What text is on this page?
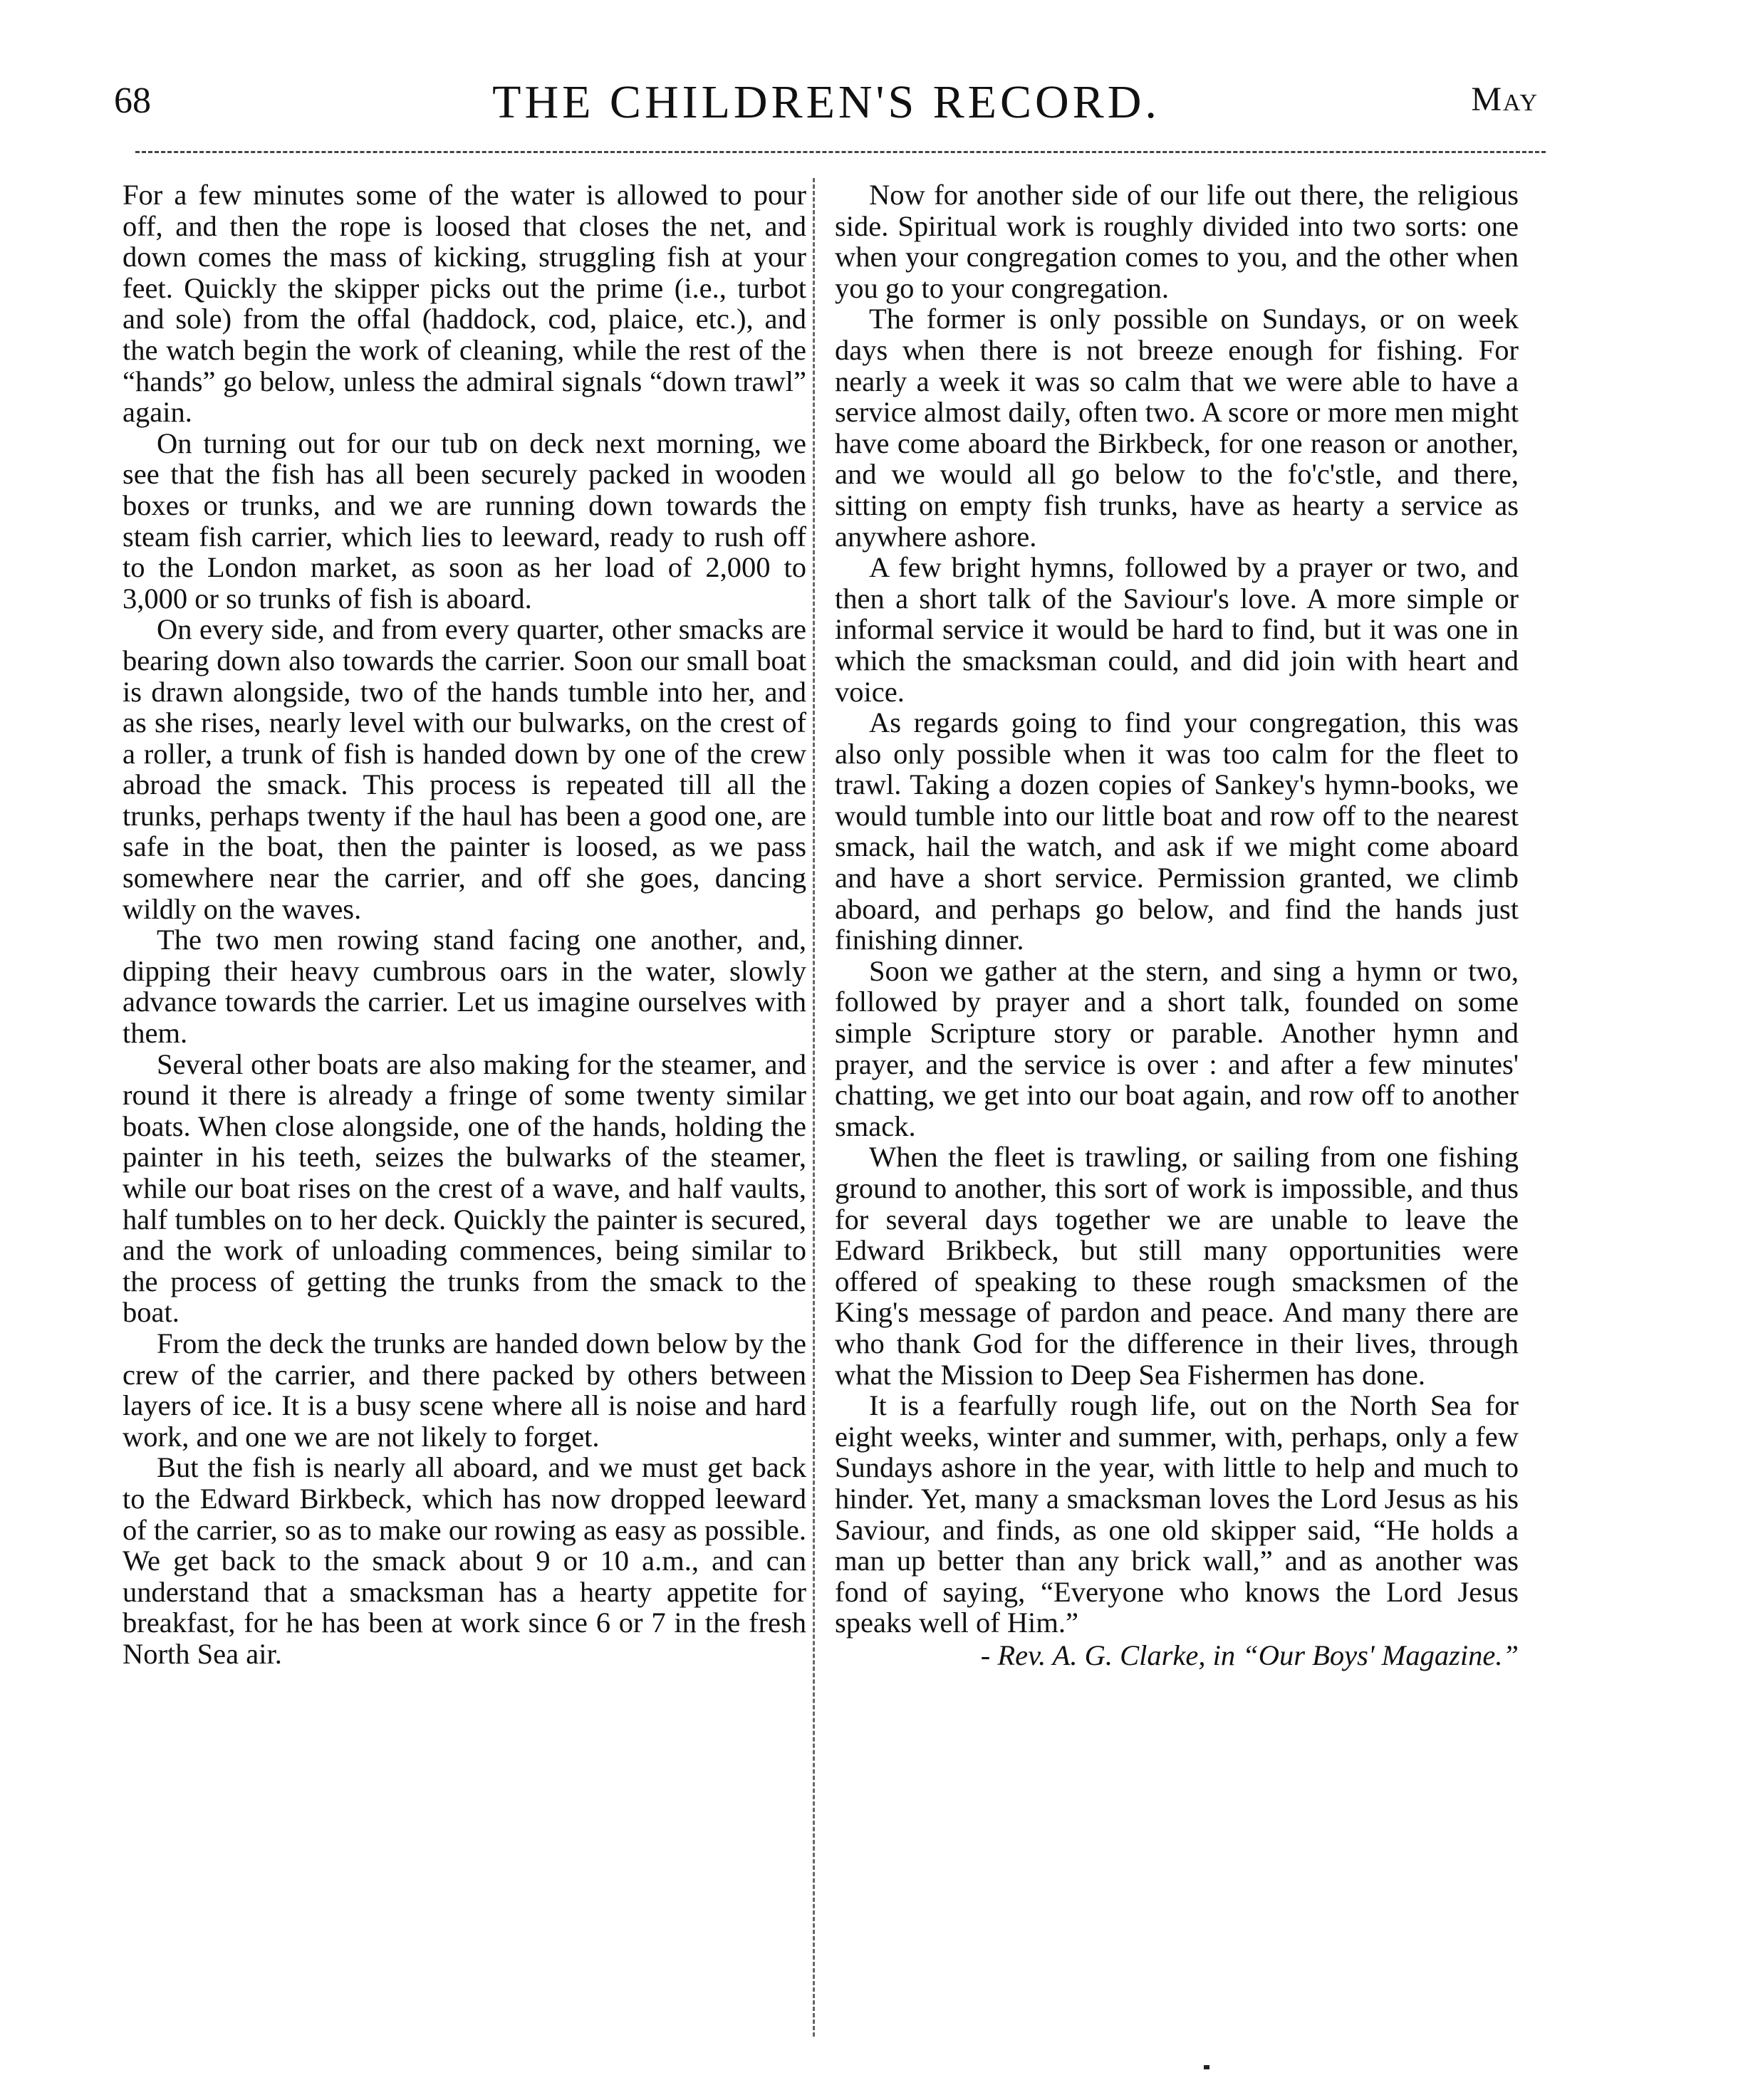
68	THE CHILDREN'S RECORD.	May

For a few minutes some of the water is allowed to pour off, and then the rope is loosed that closes the net, and down comes the mass of kicking, struggling fish at your feet. Quickly the skipper picks out the prime (i.e., turbot and sole) from the offal (haddock, cod, plaice, etc.), and the watch begin the work of cleaning, while the rest of the “hands” go below, unless the admiral signals “down trawl” again.

On turning out for our tub on deck next morning, we see that the fish has all been securely packed in wooden boxes or trunks, and we are running down towards the steam fish carrier, which lies to leeward, ready to rush off to the London market, as soon as her load of 2,000 to 3,000 or so trunks of fish is aboard.

On every side, and from every quarter, other smacks are bearing down also towards the carrier. Soon our small boat is drawn alongside, two of the hands tumble into her, and as she rises, nearly level with our bulwarks, on the crest of a roller, a trunk of fish is handed down by one of the crew abroad the smack. This process is repeated till all the trunks, perhaps twenty if the haul has been a good one, are safe in the boat, then the painter is loosed, as we pass somewhere near the carrier, and off she goes, dancing wildly on the waves.

The two men rowing stand facing one another, and, dipping their heavy cumbrous oars in the water, slowly advance towards the carrier. Let us imagine ourselves with them.

Several other boats are also making for the steamer, and round it there is already a fringe of some twenty similar boats. When close alongside, one of the hands, holding the painter in his teeth, seizes the bulwarks of the steamer, while our boat rises on the crest of a wave, and half vaults, half tumbles on to her deck. Quickly the painter is secured, and the work of unloading commences, being similar to the process of getting the trunks from the smack to the boat.

From the deck the trunks are handed down below by the crew of the carrier, and there packed by others between layers of ice. It is a busy scene where all is noise and hard work, and one we are not likely to forget.

But the fish is nearly all aboard, and we must get back to the Edward Birkbeck, which has now dropped leeward of the carrier, so as to make our rowing as easy as possible. We get back to the smack about 9 or 10 a.m., and can understand that a smacksman has a hearty appetite for breakfast, for he has been at work since 6 or 7 in the fresh North Sea air.

Now for another side of our life out there, the religious side. Spiritual work is roughly divided into two sorts: one when your congregation comes to you, and the other when you go to your congregation.

The former is only possible on Sundays, or on week days when there is not breeze enough for fishing. For nearly a week it was so calm that we were able to have a service almost daily, often two. A score or more men might have come aboard the Birkbeck, for one reason or another, and we would all go below to the fo'c'stle, and there, sitting on empty fish trunks, have as hearty a service as anywhere ashore.

A few bright hymns, followed by a prayer or two, and then a short talk of the Saviour's love. A more simple or informal service it would be hard to find, but it was one in which the smacksman could, and did join with heart and voice.

As regards going to find your congregation, this was also only possible when it was too calm for the fleet to trawl. Taking a dozen copies of Sankey's hymn-books, we would tumble into our little boat and row off to the nearest smack, hail the watch, and ask if we might come aboard and have a short service. Permission granted, we climb aboard, and perhaps go below, and find the hands just finishing dinner.

Soon we gather at the stern, and sing a hymn or two, followed by prayer and a short talk, founded on some simple Scripture story or parable. Another hymn and prayer, and the service is over : and after a few minutes' chatting, we get into our boat again, and row off to another smack.

When the fleet is trawling, or sailing from one fishing ground to another, this sort of work is impossible, and thus for several days together we are unable to leave the Edward Brikbeck, but still many opportunities were offered of speaking to these rough smacksmen of the King's message of pardon and peace. And many there are who thank God for the difference in their lives, through what the Mission to Deep Sea Fishermen has done.

It is a fearfully rough life, out on the North Sea for eight weeks, winter and summer, with, perhaps, only a few Sundays ashore in the year, with little to help and much to hinder. Yet, many a smacksman loves the Lord Jesus as his Saviour, and finds, as one old skipper said, “He holds a man up better than any brick wall,” and as another was fond of saying, “Everyone who knows the Lord Jesus speaks well of Him.”

- Rev. A. G. Clarke, in “Our Boys' Magazine.”
